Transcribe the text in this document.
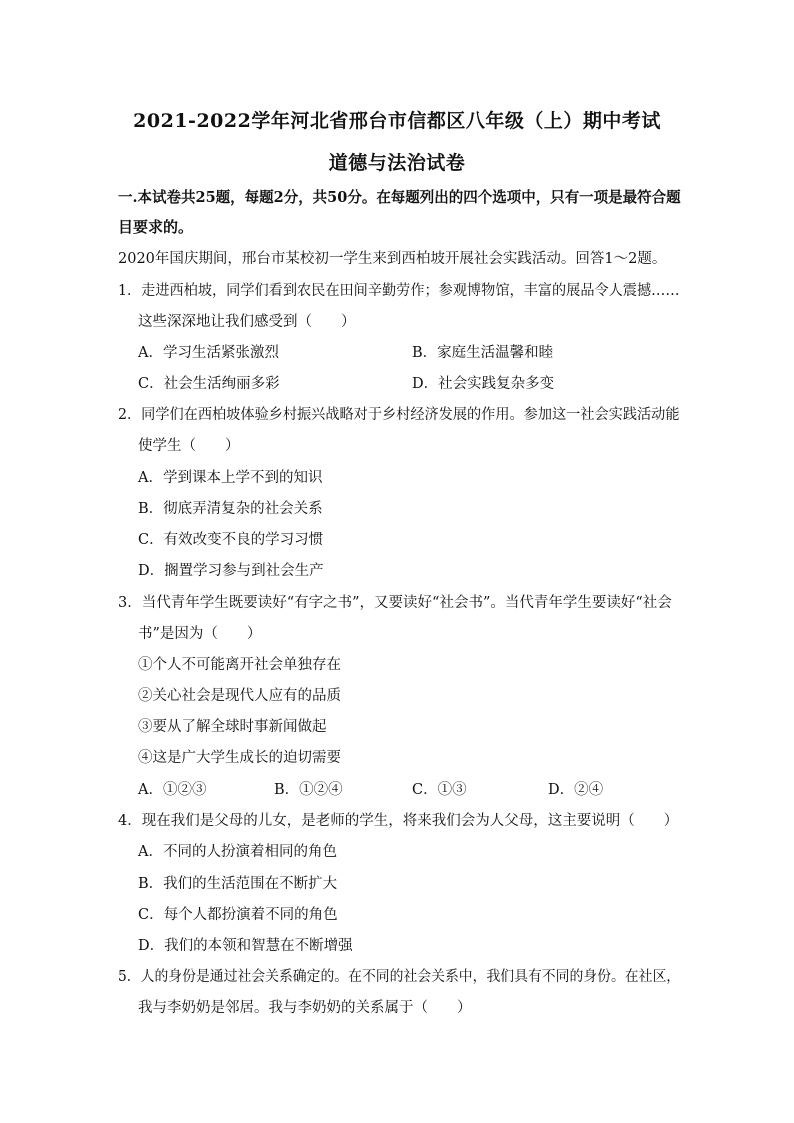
2021-2022学年河北省邢台市信都区八年级（上）期中考试
道德与法治试卷
一.本试卷共25题，每题2分，共50分。在每题列出的四个选项中，只有一项是最符合题
目要求的。
2020年国庆期间，邢台市某校初一学生来到西柏坡开展社会实践活动。回答1～2题。
1．走进西柏坡，同学们看到农民在田间辛勤劳作；参观博物馆，丰富的展品令人震撼……
这些深深地让我们感受到（　　）
A．学习生活紧张激烈	B．家庭生活温馨和睦
C．社会生活绚丽多彩	D．社会实践复杂多变
2．同学们在西柏坡体验乡村振兴战略对于乡村经济发展的作用。参加这一社会实践活动能
使学生（　　）
A．学到课本上学不到的知识
B．彻底弄清复杂的社会关系
C．有效改变不良的学习习惯
D．搁置学习参与到社会生产
3．当代青年学生既要读好“有字之书”，又要读好“社会书”。当代青年学生要读好“社会
书”是因为（　　）
①个人不可能离开社会单独存在
②关心社会是现代人应有的品质
③要从了解全球时事新闻做起
④这是广大学生成长的迫切需要
A．①②③	B．①②④	C．①③	D．②④
4．现在我们是父母的儿女，是老师的学生，将来我们会为人父母，这主要说明（　　）
A．不同的人扮演着相同的角色
B．我们的生活范围在不断扩大
C．每个人都扮演着不同的角色
D．我们的本领和智慧在不断增强
5．人的身份是通过社会关系确定的。在不同的社会关系中，我们具有不同的身份。在社区，
我与李奶奶是邻居。我与李奶奶的关系属于（　　）
